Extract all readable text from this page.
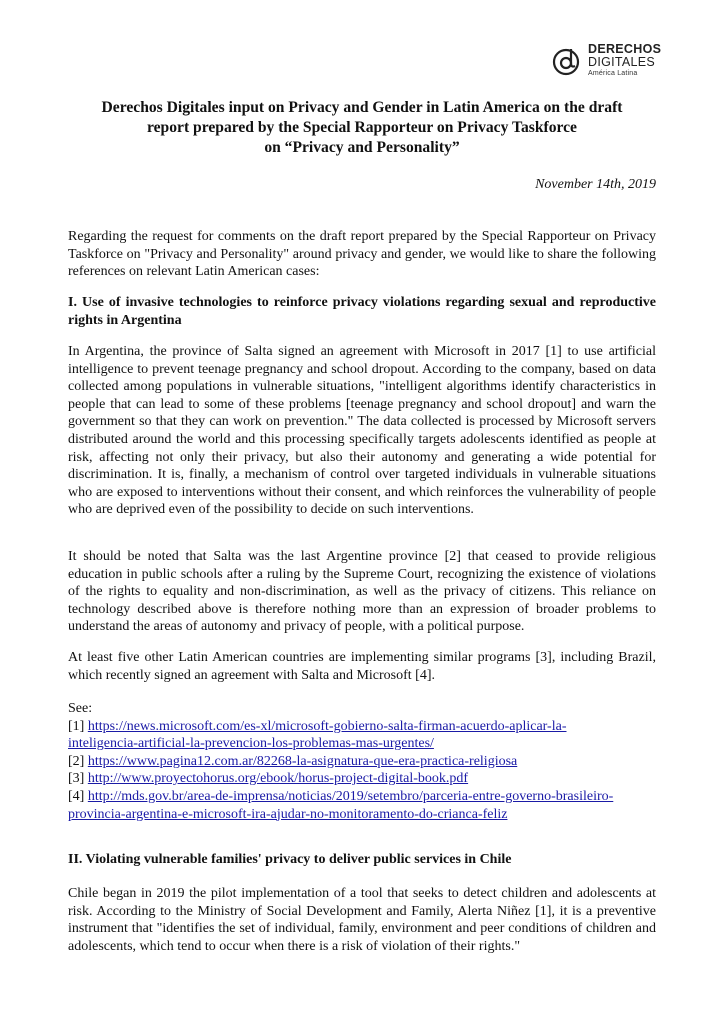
DERECHOS
DIGITALES
América Latina
Derechos Digitales input on Privacy and Gender in Latin America on the draft
report prepared by the Special Rapporteur on Privacy Taskforce
on “Privacy and Personality”
November 14th, 2019

Regarding the request for comments on the draft report prepared by the Special Rapporteur on Privacy Taskforce on "Privacy and Personality" around privacy and gender, we would like to share the following references on relevant Latin American cases:

I. Use of invasive technologies to reinforce privacy violations regarding sexual and reproductive rights in Argentina

In Argentina, the province of Salta signed an agreement with Microsoft in 2017 [1] to use artificial intelligence to prevent teenage pregnancy and school dropout. According to the company, based on data collected among populations in vulnerable situations, "intelligent algorithms identify characteristics in people that can lead to some of these problems [teenage pregnancy and school dropout] and warn the government so that they can work on prevention." The data collected is processed by Microsoft servers distributed around the world and this processing specifically targets adolescents identified as people at risk, affecting not only their privacy, but also their autonomy and generating a wide potential for discrimination. It is, finally, a mechanism of control over targeted individuals in vulnerable situations who are exposed to interventions without their consent, and which reinforces the vulnerability of people who are deprived even of the possibility to decide on such interventions.

It should be noted that Salta was the last Argentine province [2] that ceased to provide religious education in public schools after a ruling by the Supreme Court, recognizing the existence of violations of the rights to equality and non-discrimination, as well as the privacy of citizens. This reliance on technology described above is therefore nothing more than an expression of broader problems to understand the areas of autonomy and privacy of people, with a political purpose.

At least five other Latin American countries are implementing similar programs [3], including Brazil, which recently signed an agreement with Salta and Microsoft [4].

See:
[1] https://news.microsoft.com/es-xl/microsoft-gobierno-salta-firman-acuerdo-aplicar-la-
inteligencia-artificial-la-prevencion-los-problemas-mas-urgentes/
[2] https://www.pagina12.com.ar/82268-la-asignatura-que-era-practica-religiosa
[3] http://www.proyectohorus.org/ebook/horus-project-digital-book.pdf
[4] http://mds.gov.br/area-de-imprensa/noticias/2019/setembro/parceria-entre-governo-brasileiro-
provincia-argentina-e-microsoft-ira-ajudar-no-monitoramento-do-crianca-feliz

II. Violating vulnerable families' privacy to deliver public services in Chile

Chile began in 2019 the pilot implementation of a tool that seeks to detect children and adolescents at risk. According to the Ministry of Social Development and Family, Alerta Niñez [1], it is a preventive instrument that "identifies the set of individual, family, environment and peer conditions of children and adolescents, which tend to occur when there is a risk of violation of their rights."
